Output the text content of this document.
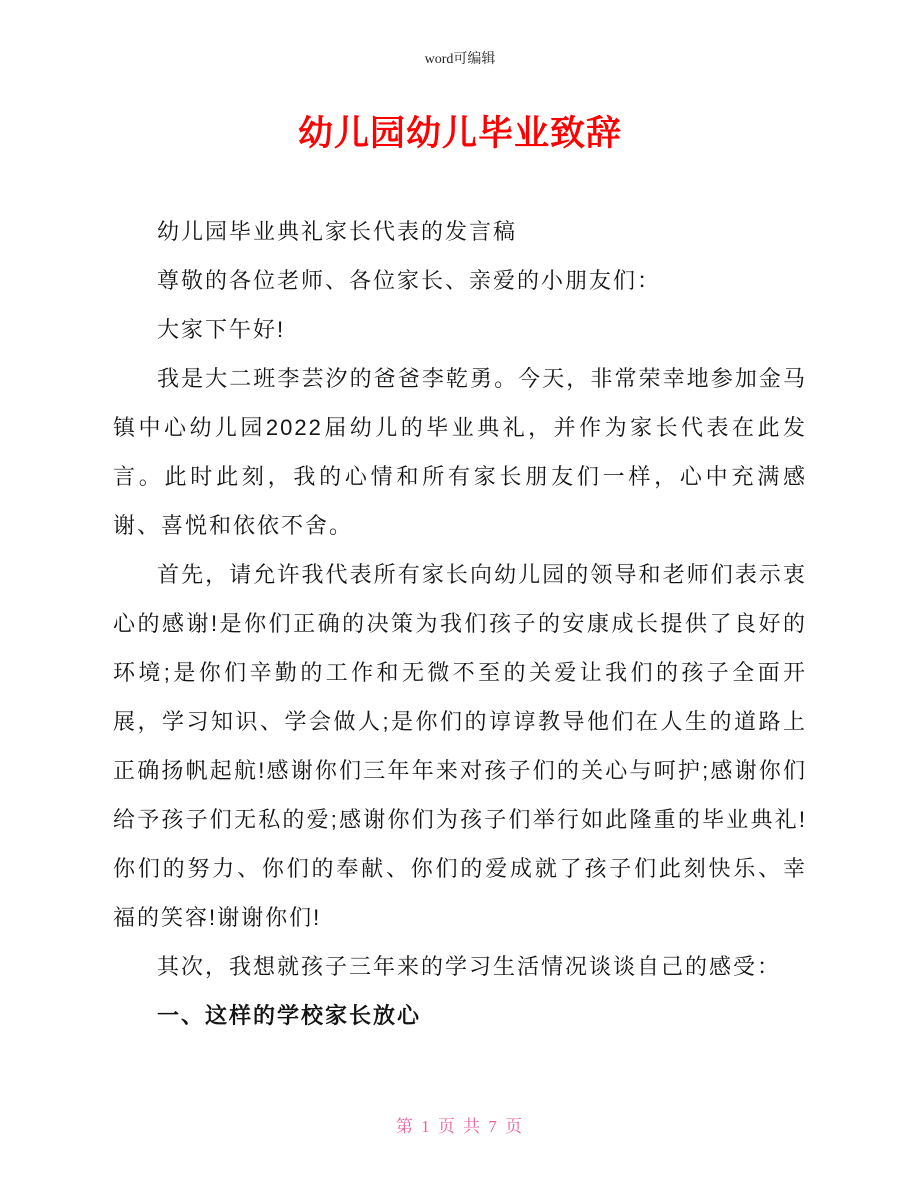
word可编辑
幼儿园幼儿毕业致辞

幼儿园毕业典礼家长代表的发言稿

尊敬的各位老师、各位家长、亲爱的小朋友们：

大家下午好!

我是大二班李芸汐的爸爸李乾勇。今天，非常荣幸地参加金马镇中心幼儿园2022届幼儿的毕业典礼，并作为家长代表在此发言。此时此刻，我的心情和所有家长朋友们一样，心中充满感谢、喜悦和依依不舍。

首先，请允许我代表所有家长向幼儿园的领导和老师们表示衷心的感谢!是你们正确的决策为我们孩子的安康成长提供了良好的环境;是你们辛勤的工作和无微不至的关爱让我们的孩子全面开展，学习知识、学会做人;是你们的谆谆教导他们在人生的道路上正确扬帆起航!感谢你们三年年来对孩子们的关心与呵护;感谢你们给予孩子们无私的爱;感谢你们为孩子们举行如此隆重的毕业典礼!你们的努力、你们的奉献、你们的爱成就了孩子们此刻快乐、幸福的笑容!谢谢你们!

其次，我想就孩子三年来的学习生活情况谈谈自己的感受：

一、这样的学校家长放心

第 1 页 共 7 页
